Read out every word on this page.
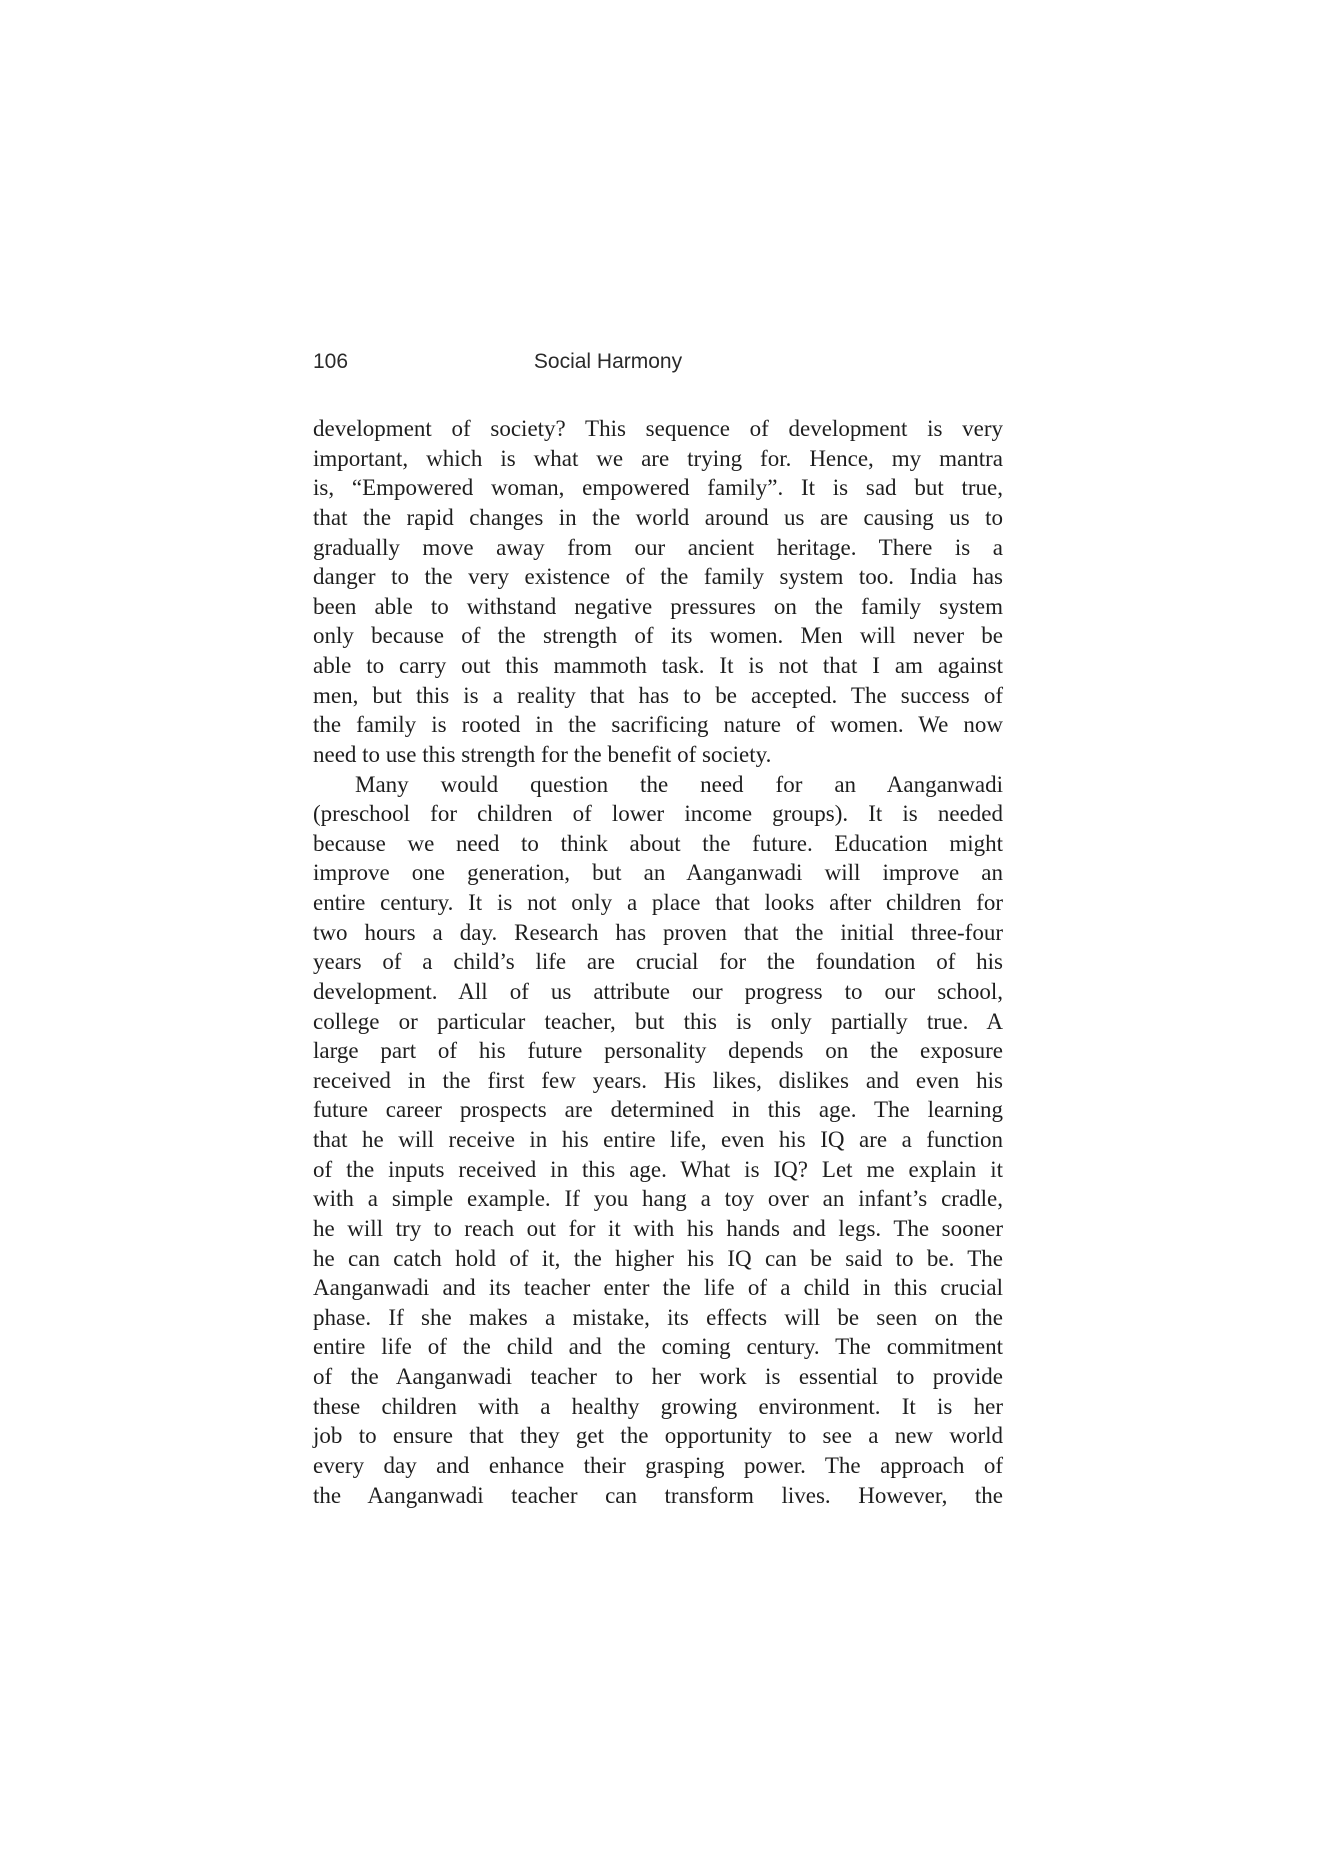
106	Social Harmony
development of society? This sequence of development is very
important, which is what we are trying for. Hence, my mantra
is, “Empowered woman, empowered family”. It is sad but true,
that the rapid changes in the world around us are causing us to
gradually move away from our ancient heritage. There is a
danger to the very existence of the family system too. India has
been able to withstand negative pressures on the family system
only because of the strength of its women. Men will never be
able to carry out this mammoth task. It is not that I am against
men, but this is a reality that has to be accepted. The success of
the family is rooted in the sacrificing nature of women. We now
need to use this strength for the benefit of society.
Many would question the need for an Aanganwadi
(preschool for children of lower income groups). It is needed
because we need to think about the future. Education might
improve one generation, but an Aanganwadi will improve an
entire century. It is not only a place that looks after children for
two hours a day. Research has proven that the initial three-four
years of a child’s life are crucial for the foundation of his
development. All of us attribute our progress to our school,
college or particular teacher, but this is only partially true. A
large part of his future personality depends on the exposure
received in the first few years. His likes, dislikes and even his
future career prospects are determined in this age. The learning
that he will receive in his entire life, even his IQ are a function
of the inputs received in this age. What is IQ? Let me explain it
with a simple example. If you hang a toy over an infant’s cradle,
he will try to reach out for it with his hands and legs. The sooner
he can catch hold of it, the higher his IQ can be said to be. The
Aanganwadi and its teacher enter the life of a child in this crucial
phase. If she makes a mistake, its effects will be seen on the
entire life of the child and the coming century. The commitment
of the Aanganwadi teacher to her work is essential to provide
these children with a healthy growing environment. It is her
job to ensure that they get the opportunity to see a new world
every day and enhance their grasping power. The approach of
the Aanganwadi teacher can transform lives. However, the
